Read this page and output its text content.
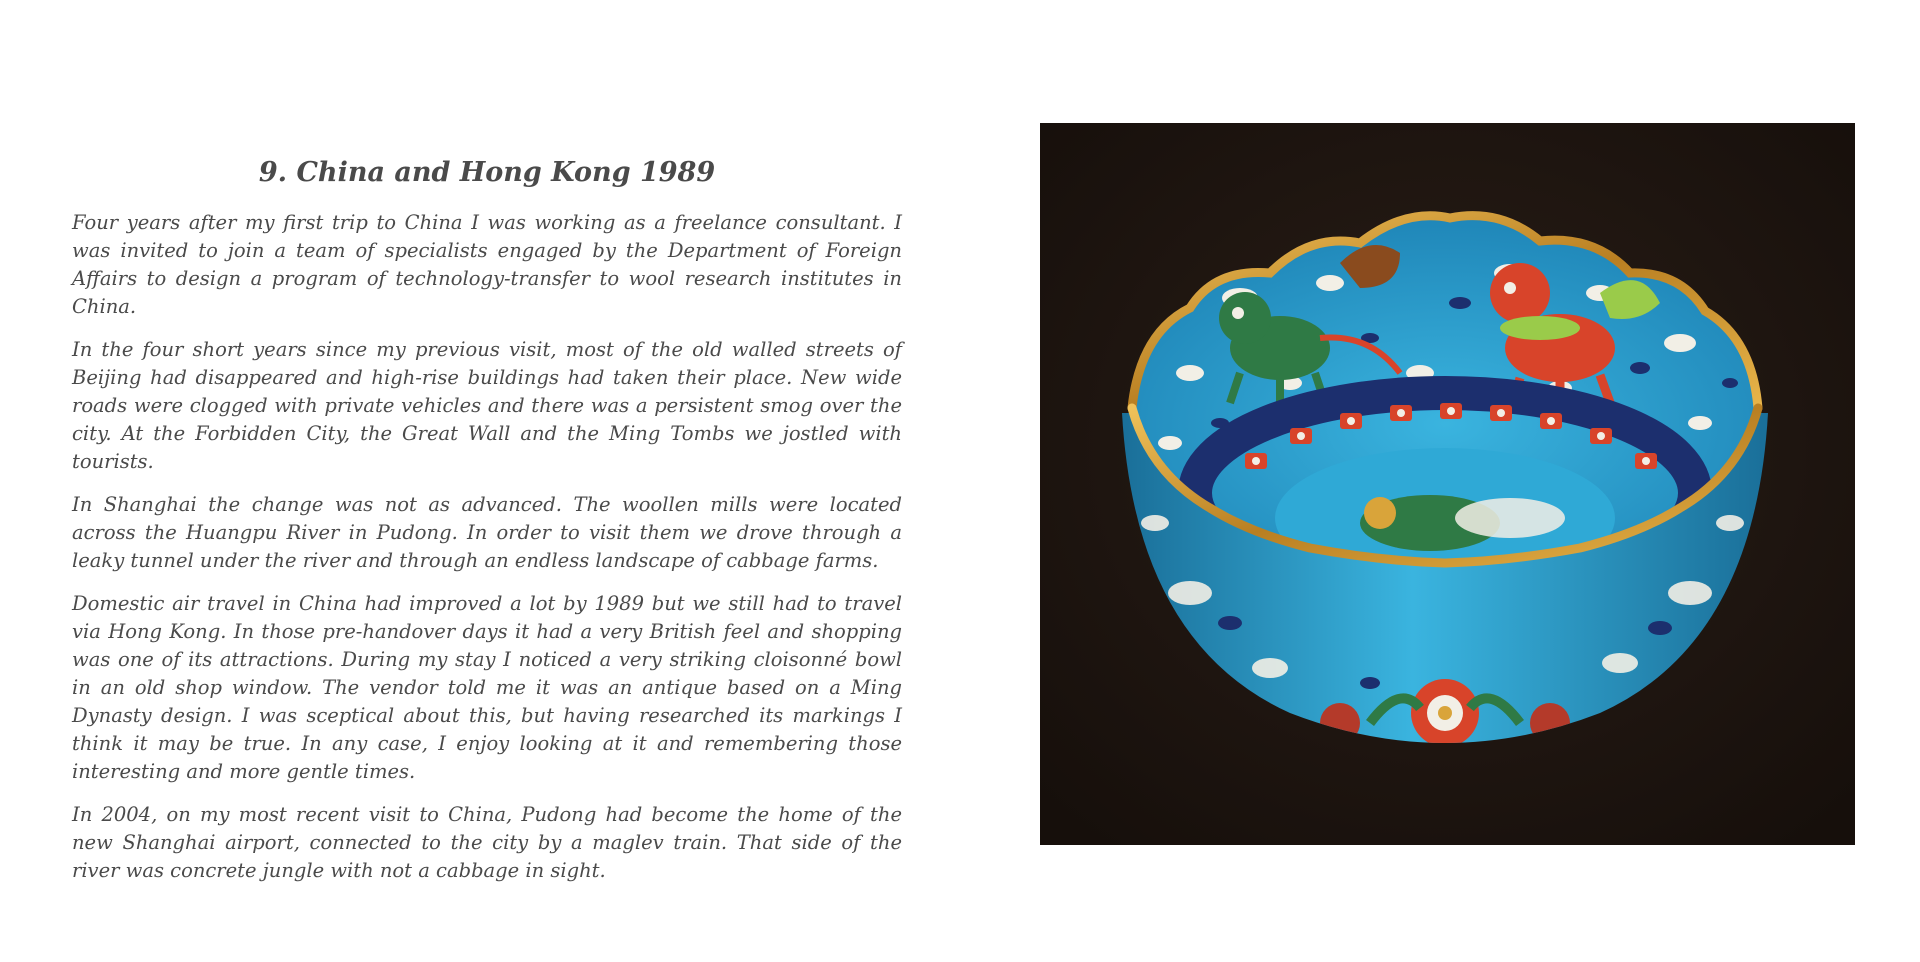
9. China and Hong Kong 1989

Four years after my first trip to China I was working as a freelance consultant. I was invited to join a team of specialists engaged by the Department of Foreign Affairs to design a program of technology-transfer to wool research institutes in China.

In the four short years since my previous visit, most of the old walled streets of Beijing had disappeared and high-rise buildings had taken their place. New wide roads were clogged with private vehicles and there was a persistent smog over the city. At the Forbidden City, the Great Wall and the Ming Tombs we jostled with tourists.

In Shanghai the change was not as advanced. The woollen mills were located across the Huangpu River in Pudong. In order to visit them we drove through a leaky tunnel under the river and through an endless landscape of cabbage farms.

Domestic air travel in China had improved a lot by 1989 but we still had to travel via Hong Kong. In those pre-handover days it had a very British feel and shopping was one of its attractions. During my stay I noticed a very striking cloisonné bowl in an old shop window. The vendor told me it was an antique based on a Ming Dynasty design. I was sceptical about this, but having researched its markings I think it may be true. In any case, I enjoy looking at it and remembering those interesting and more gentle times.

In 2004, on my most recent visit to China, Pudong had become the home of the new Shanghai airport, connected to the city by a maglev train. That side of the river was concrete jungle with not a cabbage in sight.
